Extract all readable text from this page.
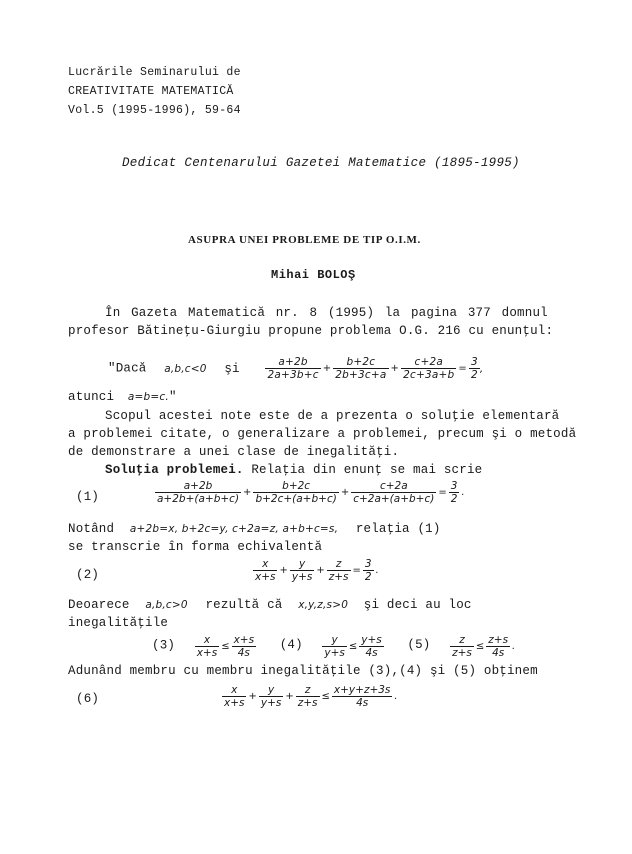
Lucrările Seminarului de
CREATIVITATE MATEMATICĂ
Vol.5 (1995-1996), 59-64
Dedicat Centenarului Gazetei Matematice (1895-1995)
ASUPRA UNEI PROBLEME DE TIP O.I.M.
Mihai BOLOŞ
În Gazeta Matematică nr. 8 (1995) la pagina 377 domnul
profesor Bătineţu-Giurgiu propune problema O.G. 216 cu enunţul:
"Dacă a,b,c<0 şi $\frac{a+2b}{2a+3b+c} + \frac{b+2c}{2b+3c+a} + \frac{c+2a}{2c+3a+b} = \frac{3}{2}$ ,
atunci a=b=c."
Scopul acestei note este de a prezenta o soluţie elementară
a problemei citate, o generalizare a problemei, precum şi o metodă
de demonstrare a unei clase de inegalităţi.
Soluţia problemei. Relaţia din enunţ se mai scrie
(1)	$\frac{a+2b}{a+2b+(a+b+c)} + \frac{b+2c}{b+2c+(a+b+c)} + \frac{c+2a}{c+2a+(a+b+c)} = \frac{3}{2}$ .
Notând a+2b=x, b+2c=y, c+2a=z, a+b+c=s, relaţia (1)
se transcrie în forma echivalentă
(2)	$\frac{x}{x+s} + \frac{y}{y+s} + \frac{z}{z+s} = \frac{3}{2}$ .
Deoarece a,b,c>0 rezultă că x,y,z,s>0 şi deci au loc
inegalităţile
$(3) \frac{x}{x+s} \le \frac{x+s}{4s} (4) \frac{y}{y+s} \le \frac{y+s}{4s} (5) \frac{z}{z+s} \le \frac{z+s}{4s}$ .
Adunând membru cu membru inegalităţile (3),(4) şi (5) obţinem
(6)	$\frac{x}{x+s} + \frac{y}{y+s} + \frac{z}{z+s} \le \frac{x+y+z+3s}{4s}$ .
